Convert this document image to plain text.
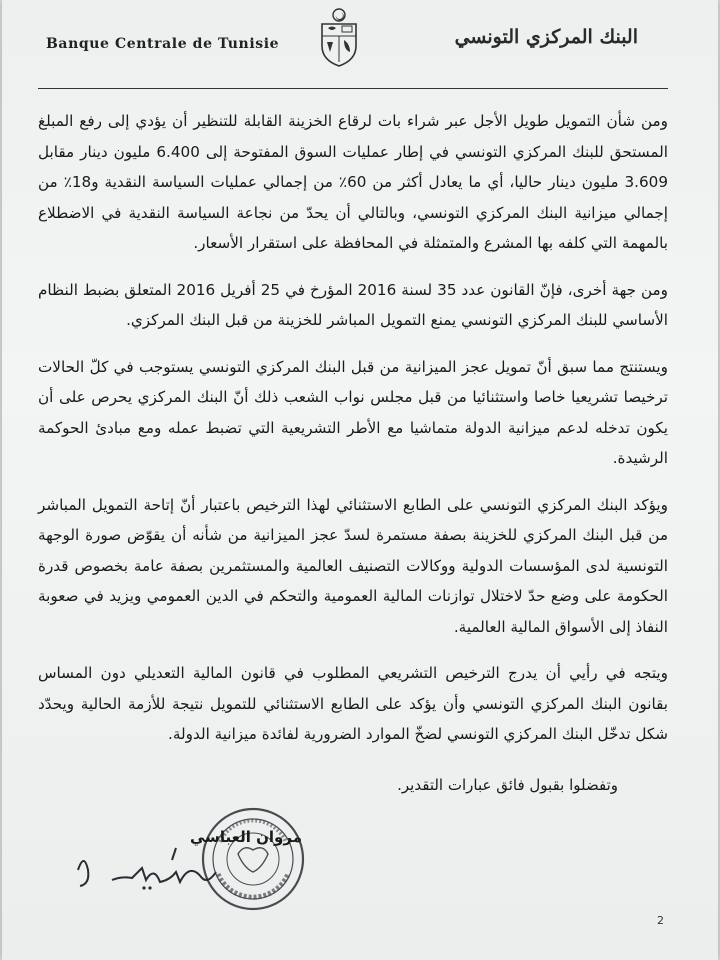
Banque Centrale de Tunisie	البنك المركزي التونسي

ومن شأن التمويل طويل الأجل عبر شراء بات لرقاع الخزينة القابلة للتنظير أن يؤدي إلى رفع المبلغ المستحق للبنك المركزي التونسي في إطار عمليات السوق المفتوحة إلى 6.400 مليون دينار مقابل 3.609 مليون دينار حاليا، أي ما يعادل أكثر من 60٪ من إجمالي عمليات السياسة النقدية و18٪ من إجمالي ميزانية البنك المركزي التونسي، وبالتالي أن يحدّ من نجاعة السياسة النقدية في الاضطلاع بالمهمة التي كلفه بها المشرع والمتمثلة في المحافظة على استقرار الأسعار.

ومن جهة أخرى، فإنّ القانون عدد 35 لسنة 2016 المؤرخ في 25 أفريل 2016 المتعلق بضبط النظام الأساسي للبنك المركزي التونسي يمنع التمويل المباشر للخزينة من قبل البنك المركزي.

ويستنتج مما سبق أنّ تمويل عجز الميزانية من قبل البنك المركزي التونسي يستوجب في كلّ الحالات ترخيصا تشريعيا خاصا واستثنائيا من قبل مجلس نواب الشعب ذلك أنّ البنك المركزي يحرص على أن يكون تدخله لدعم ميزانية الدولة متماشيا مع الأطر التشريعية التي تضبط عمله ومع مبادئ الحوكمة الرشيدة.

ويؤكد البنك المركزي التونسي على الطابع الاستثنائي لهذا الترخيص باعتبار أنّ إتاحة التمويل المباشر من قبل البنك المركزي للخزينة بصفة مستمرة لسدّ عجز الميزانية من شأنه أن يقوّض صورة الوجهة التونسية لدى المؤسسات الدولية ووكالات التصنيف العالمية والمستثمرين بصفة عامة بخصوص قدرة الحكومة على وضع حدّ لاختلال توازنات المالية العمومية والتحكم في الدين العمومي ويزيد في صعوبة النفاذ إلى الأسواق المالية العالمية.

ويتجه في رأيي أن يدرج الترخيص التشريعي المطلوب في قانون المالية التعديلي دون المساس بقانون البنك المركزي التونسي وأن يؤكد على الطابع الاستثنائي للتمويل نتيجة للأزمة الحالية ويحدّد شكل تدخّل البنك المركزي التونسي لضخّ الموارد الضرورية لفائدة ميزانية الدولة.

وتفضلوا بقبول فائق عبارات التقدير.
مروان العباسي
2
